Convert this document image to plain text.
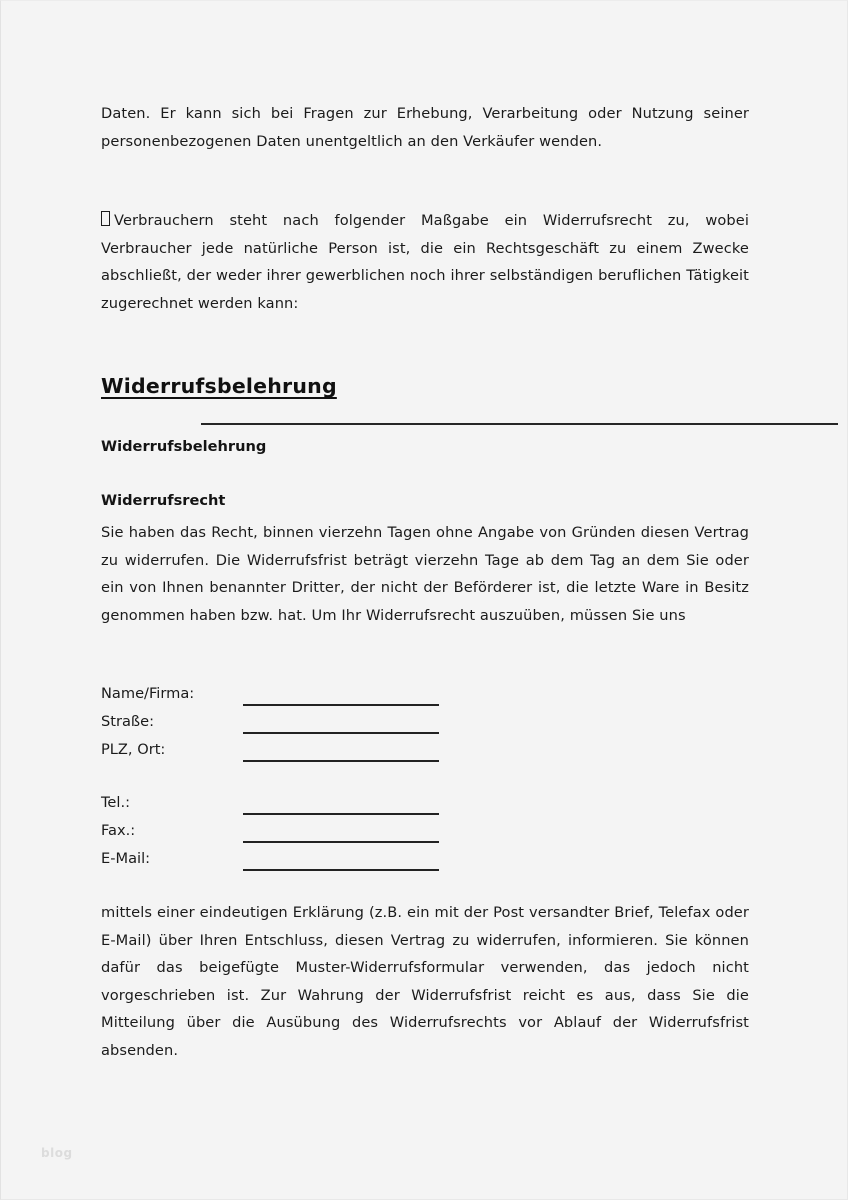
Daten. Er kann sich bei Fragen zur Erhebung, Verarbeitung oder Nutzung seiner personenbezogenen Daten unentgeltlich an den Verkäufer wenden.

Verbrauchern steht nach folgender Maßgabe ein Widerrufsrecht zu, wobei Verbraucher jede natürliche Person ist, die ein Rechtsgeschäft zu einem Zwecke abschließt, der weder ihrer gewerblichen noch ihrer selbständigen beruflichen Tätigkeit zugerechnet werden kann:

Widerrufsbelehrung
Widerrufsbelehrung
Widerrufsrecht

Sie haben das Recht, binnen vierzehn Tagen ohne Angabe von Gründen diesen Vertrag zu widerrufen. Die Widerrufsfrist beträgt vierzehn Tage ab dem Tag an dem Sie oder ein von Ihnen benannter Dritter, der nicht der Beförderer ist, die letzte Ware in Besitz genommen haben bzw. hat. Um Ihr Widerrufsrecht auszuüben, müssen Sie uns

Name/Firma:
Straße:
PLZ, Ort:
Tel.:
Fax.:
E-Mail:

mittels einer eindeutigen Erklärung (z.B. ein mit der Post versandter Brief, Telefax oder E-Mail) über Ihren Entschluss, diesen Vertrag zu widerrufen, informieren. Sie können dafür das beigefügte Muster-Widerrufsformular verwenden, das jedoch nicht vorgeschrieben ist. Zur Wahrung der Widerrufsfrist reicht es aus, dass Sie die Mitteilung über die Ausübung des Widerrufsrechts vor Ablauf der Widerrufsfrist absenden.

blog
